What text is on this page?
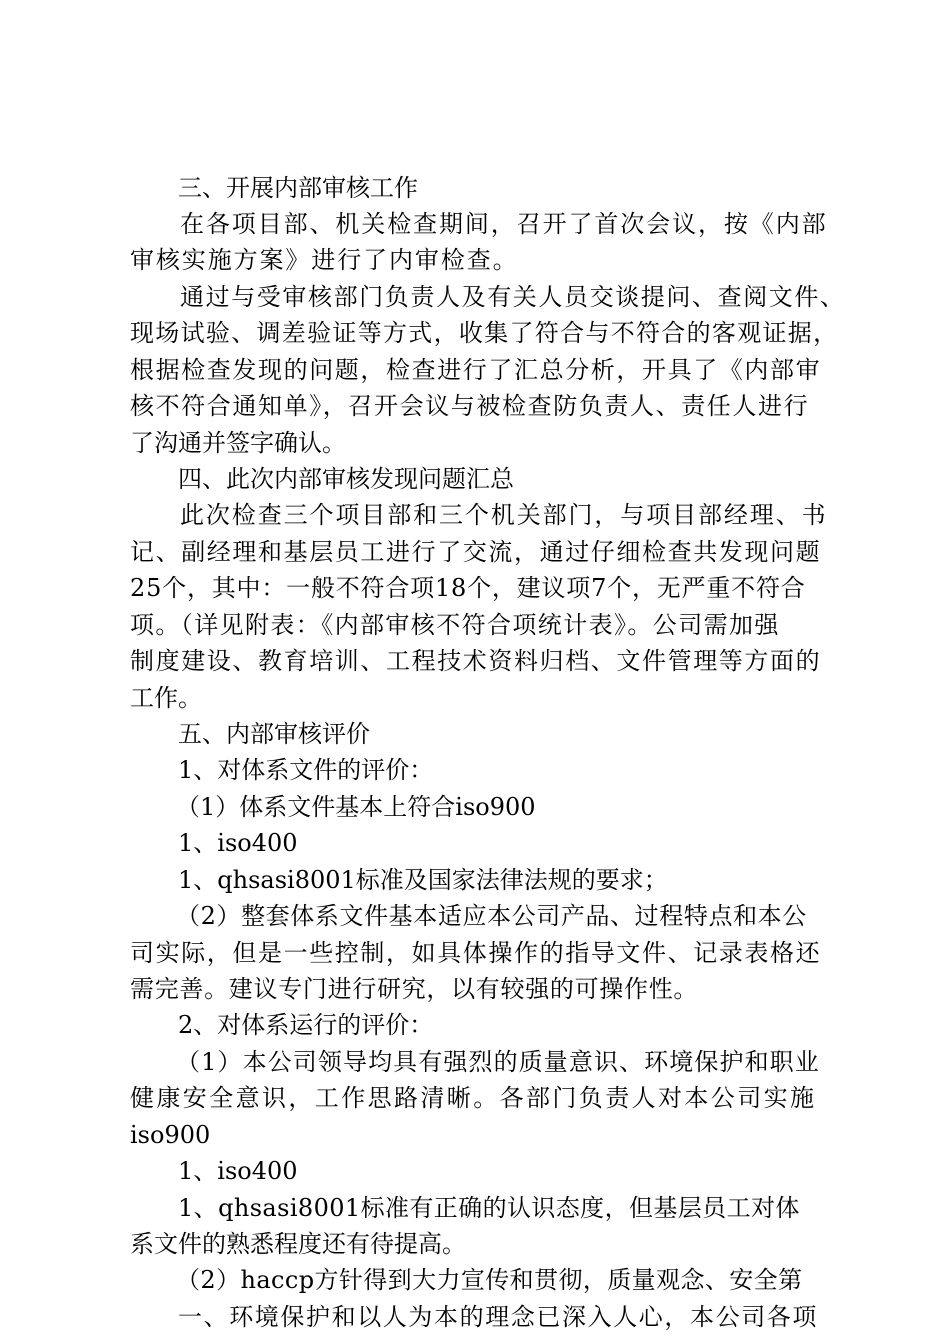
三、开展内部审核工作
在各项目部、机关检查期间，召开了首次会议，按《内部
审核实施方案》进行了内审检查。
通过与受审核部门负责人及有关人员交谈提问、查阅文件、
现场试验、调差验证等方式，收集了符合与不符合的客观证据，
根据检查发现的问题，检查进行了汇总分析，开具了《内部审
核不符合通知单》，召开会议与被检查防负责人、责任人进行
了沟通并签字确认。
四、此次内部审核发现问题汇总
此次检查三个项目部和三个机关部门，与项目部经理、书
记、副经理和基层员工进行了交流，通过仔细检查共发现问题
25个，其中：一般不符合项18个，建议项7个，无严重不符合
项。（详见附表：《内部审核不符合项统计表》。公司需加强
制度建设、教育培训、工程技术资料归档、文件管理等方面的
工作。
五、内部审核评价
1、对体系文件的评价：
（1）体系文件基本上符合iso900
1、iso400
1、qhsasi8001标准及国家法律法规的要求；
（2）整套体系文件基本适应本公司产品、过程特点和本公
司实际，但是一些控制，如具体操作的指导文件、记录表格还
需完善。建议专门进行研究，以有较强的可操作性。
2、对体系运行的评价：
（1）本公司领导均具有强烈的质量意识、环境保护和职业
健康安全意识，工作思路清晰。各部门负责人对本公司实施
iso900
1、iso400
1、qhsasi8001标准有正确的认识态度，但基层员工对体
系文件的熟悉程度还有待提高。
（2）haccp方针得到大力宣传和贯彻，质量观念、安全第
一、环境保护和以人为本的理念已深入人心，本公司各项
